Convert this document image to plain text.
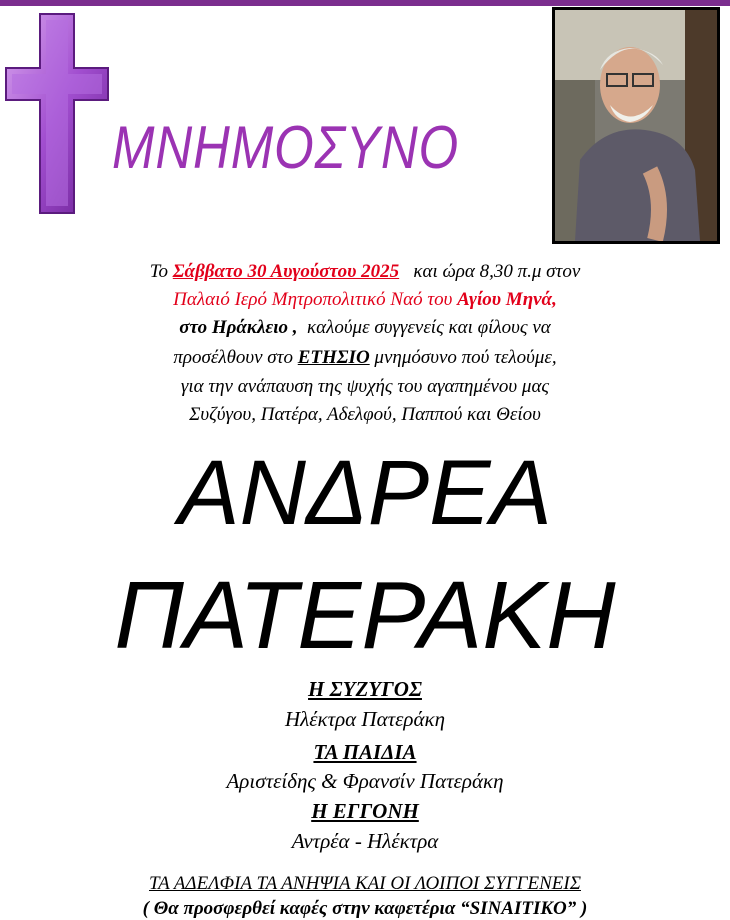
ΜΝΗΜΟΣΥΝΟ
Το Σάββατο 30 Αυγούστου 2025 και ώρα 8,30 π.μ στον
Παλαιό Ιερό Μητροπολιτικό Ναό του Αγίου Μηνά,
στο Ηράκλειο , καλούμε συγγενείς και φίλους να
προσέλθουν στο ΕΤΗΣΙΟ μνημόσυνο πού τελούμε,
για την ανάπαυση της ψυχής του αγαπημένου μας
Συζύγου, Πατέρα, Αδελφού, Παππού και Θείου
ΑΝΔΡΕΑ
ΠΑΤΕΡΑΚΗ
Η ΣΥΖΥΓΟΣ
Ηλέκτρα Πατεράκη
ΤΑ ΠΑΙΔΙΑ
Αριστείδης & Φρανσίν Πατεράκη
Η ΕΓΓΟΝΗ
Αντρέα - Ηλέκτρα
ΤΑ ΑΔΕΛΦΙΑ ΤΑ ΑΝΗΨΙΑ ΚΑΙ ΟΙ ΛΟΙΠΟΙ ΣΥΓΓΕΝΕΙΣ
( Θα προσφερθεί καφές στην καφετέρια “SINAITIKO” )
